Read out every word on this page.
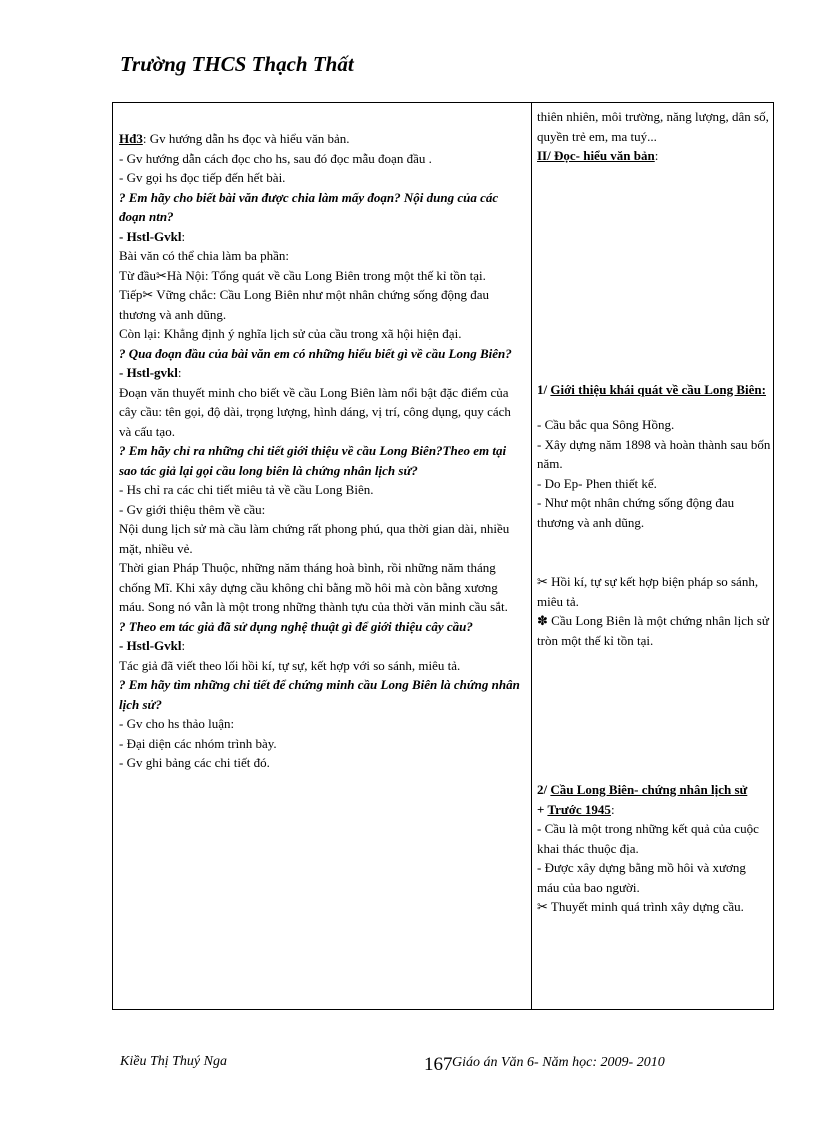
Trường THCS Thạch Thất

Hđ3: Gv hướng dẫn hs đọc và hiểu văn bản.

- Gv hướng dẫn cách đọc cho hs, sau đó đọc mẫu đoạn đầu .

- Gv gọi hs đọc tiếp đến hết bài.

? Em hãy cho biết bài văn được chia làm mấy đoạn? Nội dung của các đoạn ntn?

- Hstl-Gvkl:

Bài văn có thể chia làm ba phần:

Từ đầu✂Hà Nội: Tổng quát về cầu Long Biên trong một thế kỉ tồn tại.

Tiếp✂ Vững chắc: Cầu Long Biên như một nhân chứng sống động đau thương và anh dũng.

Còn lại: Khẳng định ý nghĩa lịch sử của cầu trong xã hội hiện đại.

? Qua đoạn đầu của bài văn em có những hiểu biết gì về cầu Long Biên?

- Hstl-gvkl:

Đoạn văn thuyết minh cho biết về cầu Long Biên làm nổi bật đặc điểm của cây cầu: tên gọi, độ dài, trọng lượng, hình dáng, vị trí, công dụng, quy cách và cấu tạo.

? Em hãy chỉ ra những chi tiết giới thiệu về cầu Long Biên?Theo em tại sao tác giả lại gọi cầu long biên là chứng nhân lịch sử?

- Hs chỉ ra các chi tiết miêu tả về cầu Long Biên.

- Gv giới thiệu thêm về cầu:

Nội dung lịch sử mà cầu làm chứng rất phong phú, qua thời gian dài, nhiều mặt, nhiều vẻ.

Thời gian Pháp Thuộc, những năm tháng hoà bình, rồi những năm tháng chống Mĩ. Khi xây dựng cầu không chỉ bằng mồ hôi mà còn bằng xương máu. Song nó vẫn là một trong những thành tựu của thời văn minh cầu sắt.

? Theo em tác giả đã sử dụng nghệ thuật gì để giới thiệu cây cầu?

- Hstl-Gvkl:

Tác giả đã viết theo lối hồi kí, tự sự, kết hợp với so sánh, miêu tả.

? Em hãy tìm những chi tiết để chứng minh cầu Long Biên là chứng nhân lịch sử?

- Gv cho hs thảo luận:

- Đại diện các nhóm trình bày.

- Gv ghi bảng các chi tiết đó.

thiên nhiên, môi trường, năng lượng, dân số, quyền trẻ em, ma tuý...

II/ Đọc- hiểu văn bản:

1/ Giới thiệu khái quát về cầu Long Biên:

- Cầu bắc qua Sông Hồng.

- Xây dựng năm 1898 và hoàn thành sau bốn năm.

- Do Ep- Phen thiết kế.

- Như một nhân chứng sống động đau thương và anh dũng.

✂ Hồi kí, tự sự kết hợp biện pháp so sánh, miêu tả.

✽ Cầu Long Biên là một chứng nhân lịch sử tròn một thế kỉ tồn tại.

2/ Cầu Long Biên- chứng nhân lịch sử

+ Trước 1945:

- Cầu là một trong những kết quả của cuộc khai thác thuộc địa.

- Được xây dựng bằng mồ hôi và xương máu của bao người.

✂ Thuyết minh quá trình xây dựng cầu.

Kiều Thị Thuý Nga	167 Giáo án Văn 6- Năm học: 2009- 2010
